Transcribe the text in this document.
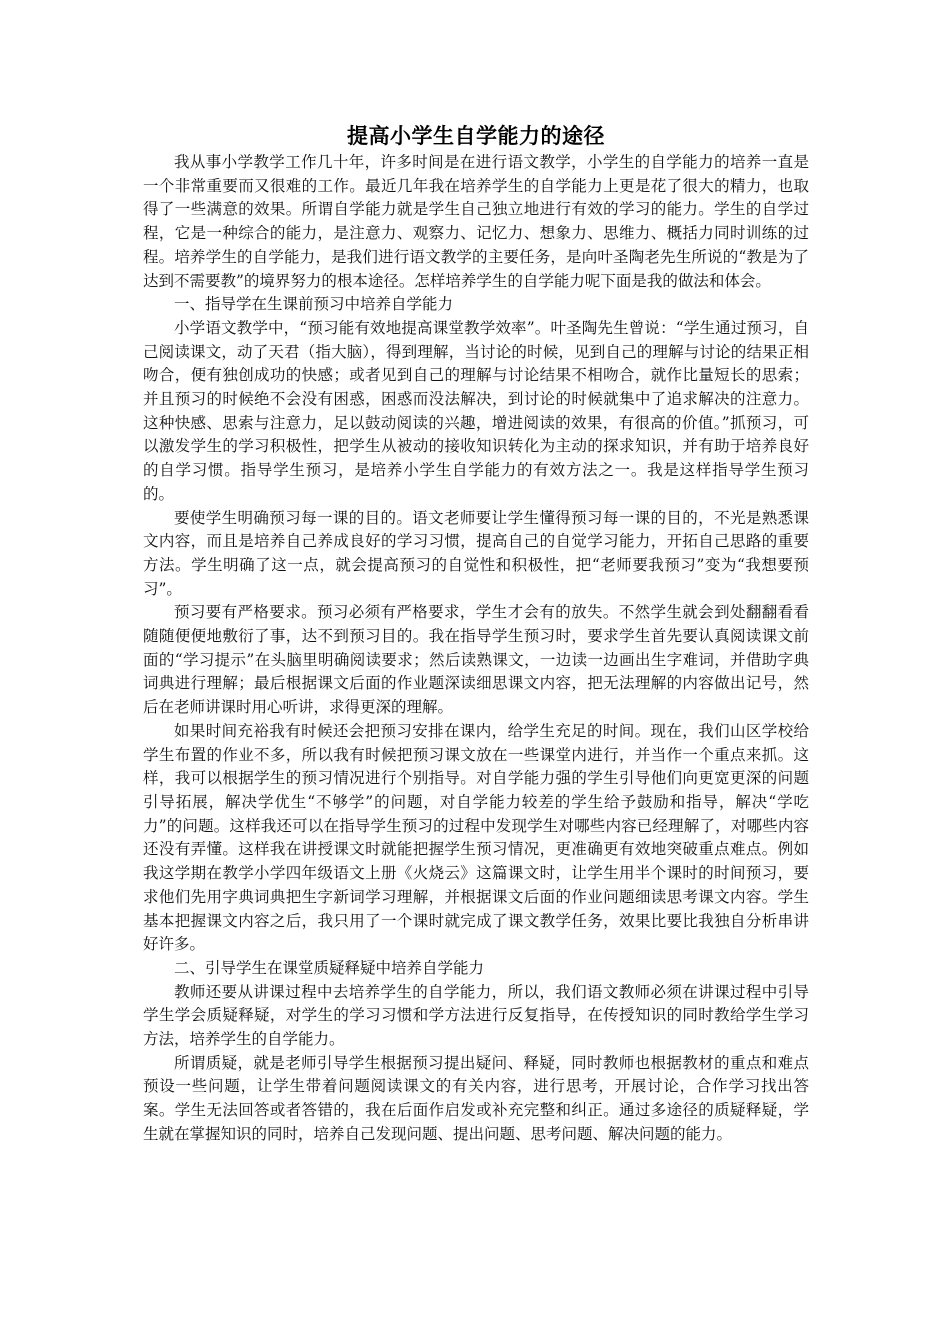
提高小学生自学能力的途径

我从事小学教学工作几十年，许多时间是在进行语文教学，小学生的自学能力的培养一直是一个非常重要而又很难的工作。最近几年我在培养学生的自学能力上更是花了很大的精力，也取得了一些满意的效果。所谓自学能力就是学生自己独立地进行有效的学习的能力。学生的自学过程，它是一种综合的能力，是注意力、观察力、记忆力、想象力、思维力、概括力同时训练的过程。培养学生的自学能力，是我们进行语文教学的主要任务，是向叶圣陶老先生所说的“教是为了达到不需要教”的境界努力的根本途径。怎样培养学生的自学能力呢下面是我的做法和体会。

一、指导学在生课前预习中培养自学能力

小学语文教学中，“预习能有效地提高课堂教学效率”。叶圣陶先生曾说：“学生通过预习，自己阅读课文，动了天君（指大脑），得到理解，当讨论的时候，见到自己的理解与讨论的结果正相吻合，便有独创成功的快感；或者见到自己的理解与讨论结果不相吻合，就作比量短长的思索；并且预习的时候绝不会没有困惑，困惑而没法解决，到讨论的时候就集中了追求解决的注意力。这种快感、思索与注意力，足以鼓动阅读的兴趣，增进阅读的效果，有很高的价值。”抓预习，可以激发学生的学习积极性，把学生从被动的接收知识转化为主动的探求知识，并有助于培养良好的自学习惯。指导学生预习，是培养小学生自学能力的有效方法之一。我是这样指导学生预习的。

要使学生明确预习每一课的目的。语文老师要让学生懂得预习每一课的目的，不光是熟悉课文内容，而且是培养自己养成良好的学习习惯，提高自己的自觉学习能力，开拓自己思路的重要方法。学生明确了这一点，就会提高预习的自觉性和积极性，把“老师要我预习”变为“我想要预习”。

预习要有严格要求。预习必须有严格要求，学生才会有的放失。不然学生就会到处翻翻看看随随便便地敷衍了事，达不到预习目的。我在指导学生预习时，要求学生首先要认真阅读课文前面的“学习提示”在头脑里明确阅读要求；然后读熟课文，一边读一边画出生字难词，并借助字典词典进行理解；最后根据课文后面的作业题深读细思课文内容，把无法理解的内容做出记号，然后在老师讲课时用心听讲，求得更深的理解。

如果时间充裕我有时候还会把预习安排在课内，给学生充足的时间。现在，我们山区学校给学生布置的作业不多，所以我有时候把预习课文放在一些课堂内进行，并当作一个重点来抓。这样，我可以根据学生的预习情况进行个别指导。对自学能力强的学生引导他们向更宽更深的问题引导拓展，解决学优生“不够学”的问题，对自学能力较差的学生给予鼓励和指导，解决“学吃力”的问题。这样我还可以在指导学生预习的过程中发现学生对哪些内容已经理解了，对哪些内容还没有弄懂。这样我在讲授课文时就能把握学生预习情况，更准确更有效地突破重点难点。例如我这学期在教学小学四年级语文上册《火烧云》这篇课文时，让学生用半个课时的时间预习，要求他们先用字典词典把生字新词学习理解，并根据课文后面的作业问题细读思考课文内容。学生基本把握课文内容之后，我只用了一个课时就完成了课文教学任务，效果比要比我独自分析串讲好许多。

二、引导学生在课堂质疑释疑中培养自学能力

教师还要从讲课过程中去培养学生的自学能力，所以，我们语文教师必须在讲课过程中引导学生学会质疑释疑，对学生的学习习惯和学方法进行反复指导，在传授知识的同时教给学生学习方法，培养学生的自学能力。

所谓质疑，就是老师引导学生根据预习提出疑问、释疑，同时教师也根据教材的重点和难点预设一些问题，让学生带着问题阅读课文的有关内容，进行思考，开展讨论，合作学习找出答案。学生无法回答或者答错的，我在后面作启发或补充完整和纠正。通过多途径的质疑释疑，学生就在掌握知识的同时，培养自己发现问题、提出问题、思考问题、解决问题的能力。
